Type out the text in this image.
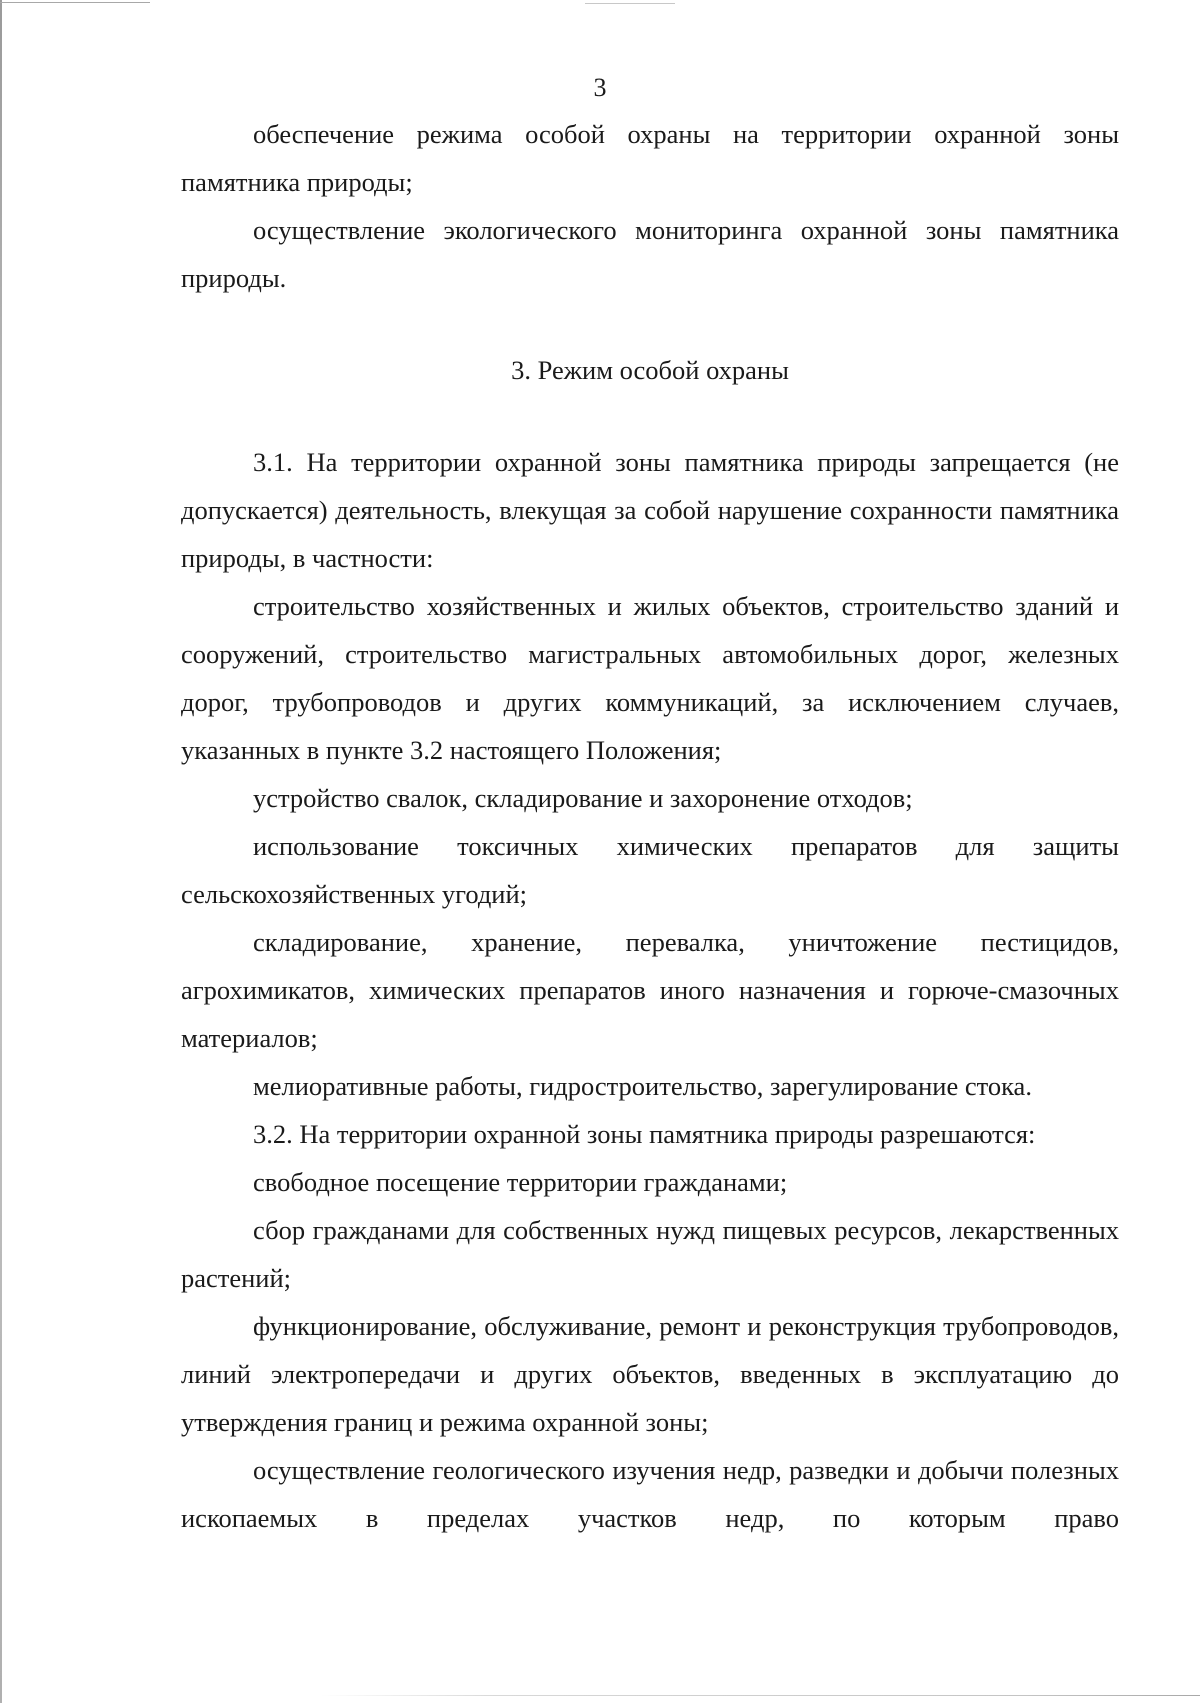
3

обеспечение режима особой охраны на территории охранной зоны памятника природы;

осуществление экологического мониторинга охранной зоны памятника природы.

3. Режим особой охраны

3.1. На территории охранной зоны памятника природы запрещается (не допускается) деятельность, влекущая за собой нарушение сохранности памятника природы, в частности:

строительство хозяйственных и жилых объектов, строительство зданий и сооружений, строительство магистральных автомобильных дорог, железных дорог, трубопроводов и других коммуникаций, за исключением случаев, указанных в пункте 3.2 настоящего Положения;

устройство свалок, складирование и захоронение отходов;

использование токсичных химических препаратов для защиты сельскохозяйственных угодий;

складирование, хранение, перевалка, уничтожение пестицидов, агрохимикатов, химических препаратов иного назначения и горюче-смазочных материалов;

мелиоративные работы, гидростроительство, зарегулирование стока.

3.2. На территории охранной зоны памятника природы разрешаются:

свободное посещение территории гражданами;

сбор гражданами для собственных нужд пищевых ресурсов, лекарственных растений;

функционирование, обслуживание, ремонт и реконструкция трубопроводов, линий электропередачи и других объектов, введенных в эксплуатацию до утверждения границ и режима охранной зоны;

осуществление геологического изучения недр, разведки и добычи полезных ископаемых в пределах участков недр, по которым право
